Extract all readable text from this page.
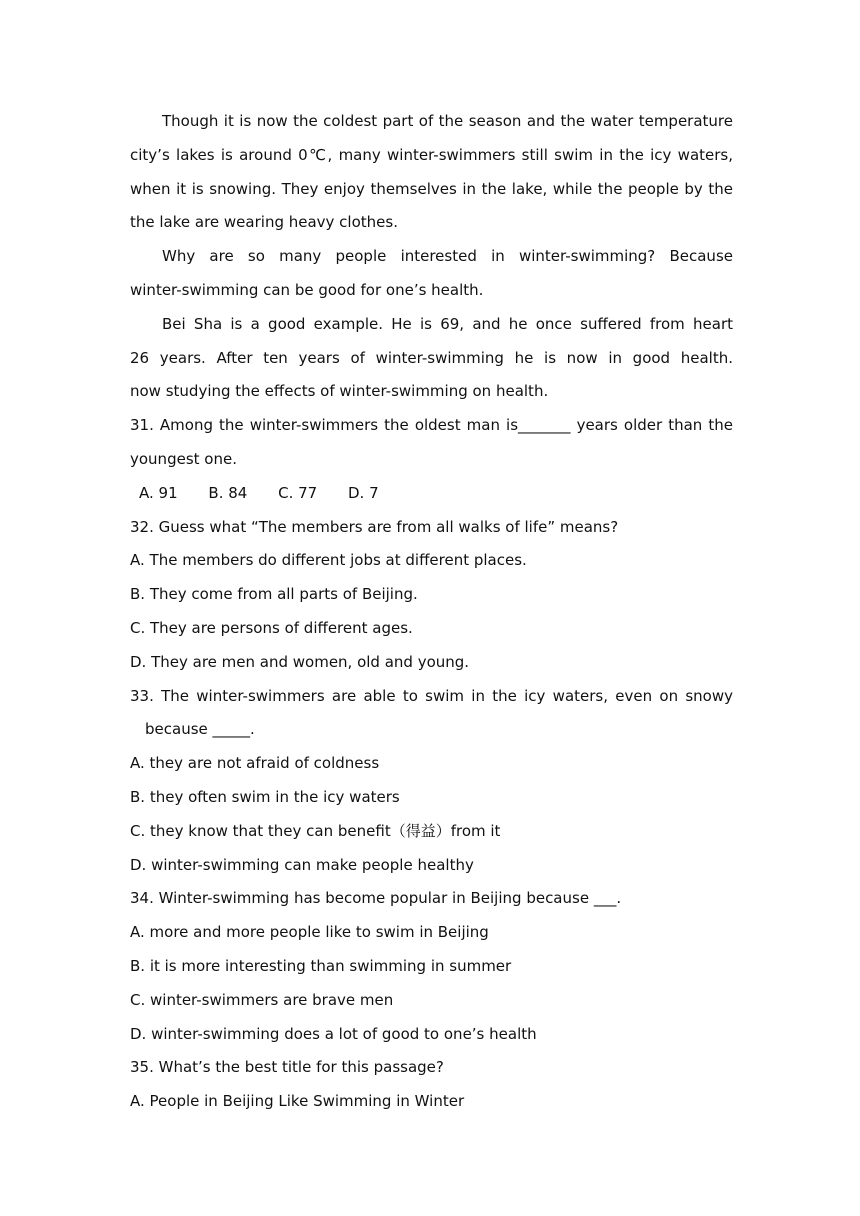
Though it is now the coldest part of the season and the water temperature
city’s lakes is around 0℃, many winter-swimmers still swim in the icy waters,
when it is snowing. They enjoy themselves in the lake, while the people by the
the lake are wearing heavy clothes.
Why are so many people interested in winter-swimming? Because
winter-swimming can be good for one’s health.
Bei Sha is a good example. He is 69, and he once suffered from heart
26 years. After ten years of winter-swimming he is now in good health.
now studying the effects of winter-swimming on health.
31. Among the winter-swimmers the oldest man is_______ years older than the
youngest one.
A. 91 B. 84 C. 77 D. 7
32. Guess what “The members are from all walks of life” means?
A. The members do different jobs at different places.
B. They come from all parts of Beijing.
C. They are persons of different ages.
D. They are men and women, old and young.
33. The winter-swimmers are able to swim in the icy waters, even on snowy
because _____.
A. they are not afraid of coldness
B. they often swim in the icy waters
C. they know that they can benefit（得益）from it
D. winter-swimming can make people healthy
34. Winter-swimming has become popular in Beijing because ___.
A. more and more people like to swim in Beijing
B. it is more interesting than swimming in summer
C. winter-swimmers are brave men
D. winter-swimming does a lot of good to one’s health
35. What’s the best title for this passage?
A. People in Beijing Like Swimming in Winter
